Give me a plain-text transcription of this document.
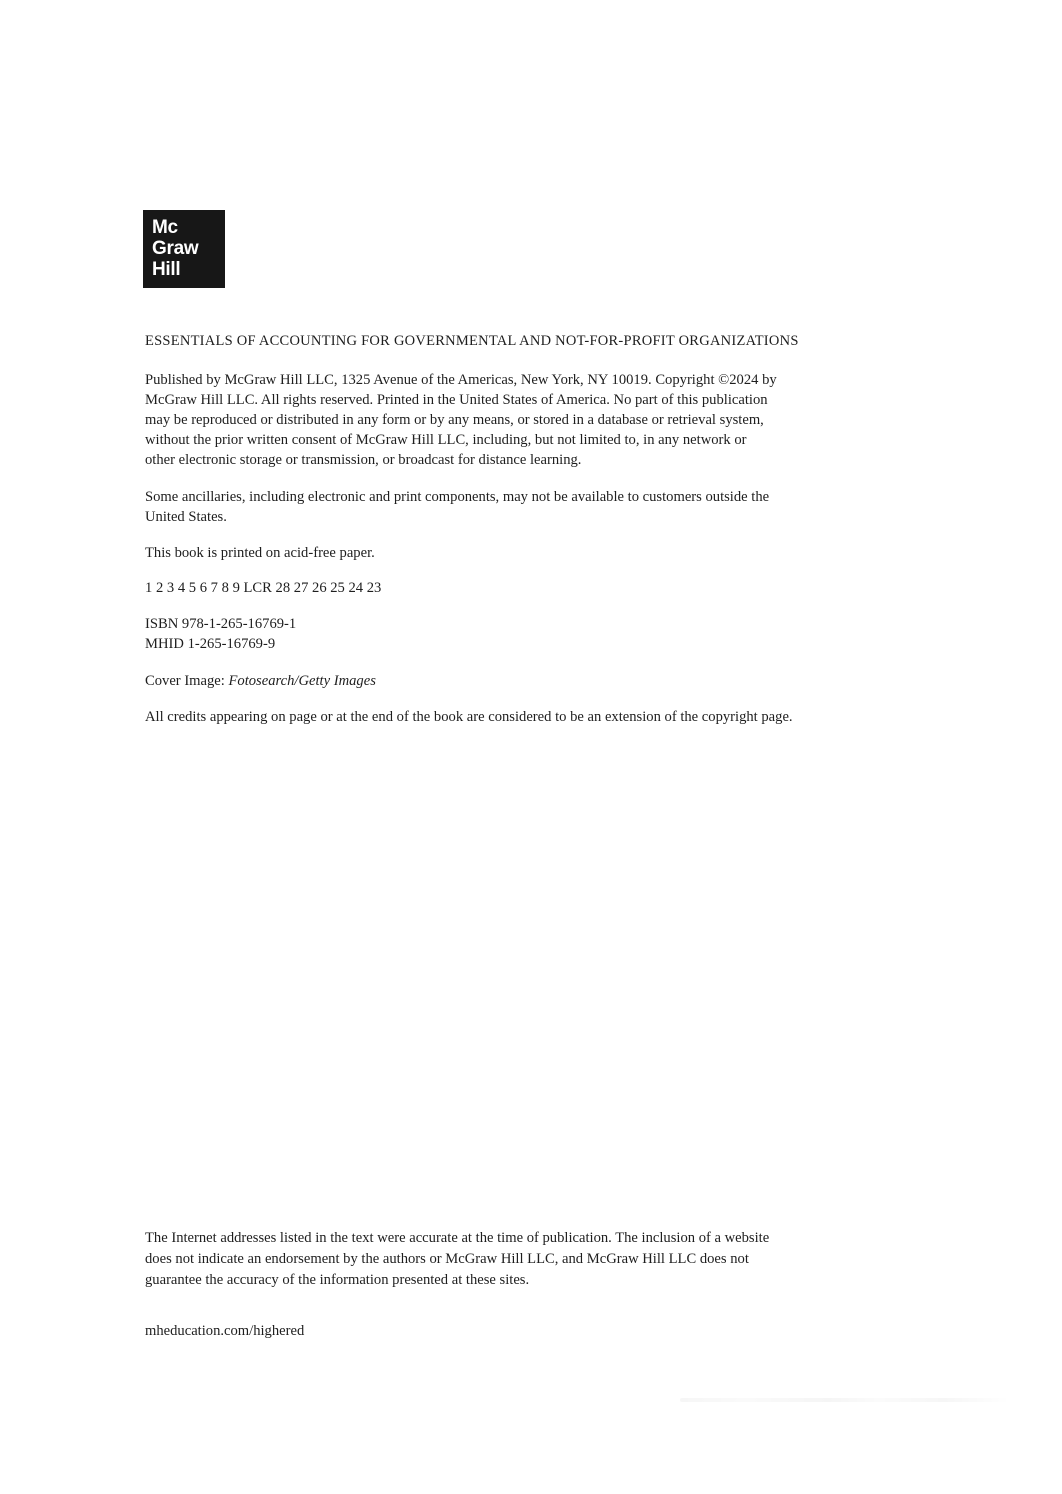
Mc
Graw
Hill
ESSENTIALS OF ACCOUNTING FOR GOVERNMENTAL AND NOT-FOR-PROFIT ORGANIZATIONS
Published by McGraw Hill LLC, 1325 Avenue of the Americas, New York, NY 10019. Copyright ©2024 by
McGraw Hill LLC. All rights reserved. Printed in the United States of America. No part of this publication
may be reproduced or distributed in any form or by any means, or stored in a database or retrieval system,
without the prior written consent of McGraw Hill LLC, including, but not limited to, in any network or
other electronic storage or transmission, or broadcast for distance learning.
Some ancillaries, including electronic and print components, may not be available to customers outside the
United States.
This book is printed on acid-free paper.
1 2 3 4 5 6 7 8 9 LCR 28 27 26 25 24 23
ISBN 978-1-265-16769-1
MHID 1-265-16769-9
Cover Image: Fotosearch/Getty Images
All credits appearing on page or at the end of the book are considered to be an extension of the copyright page.
The Internet addresses listed in the text were accurate at the time of publication. The inclusion of a website
does not indicate an endorsement by the authors or McGraw Hill LLC, and McGraw Hill LLC does not
guarantee the accuracy of the information presented at these sites.
mheducation.com/highered
